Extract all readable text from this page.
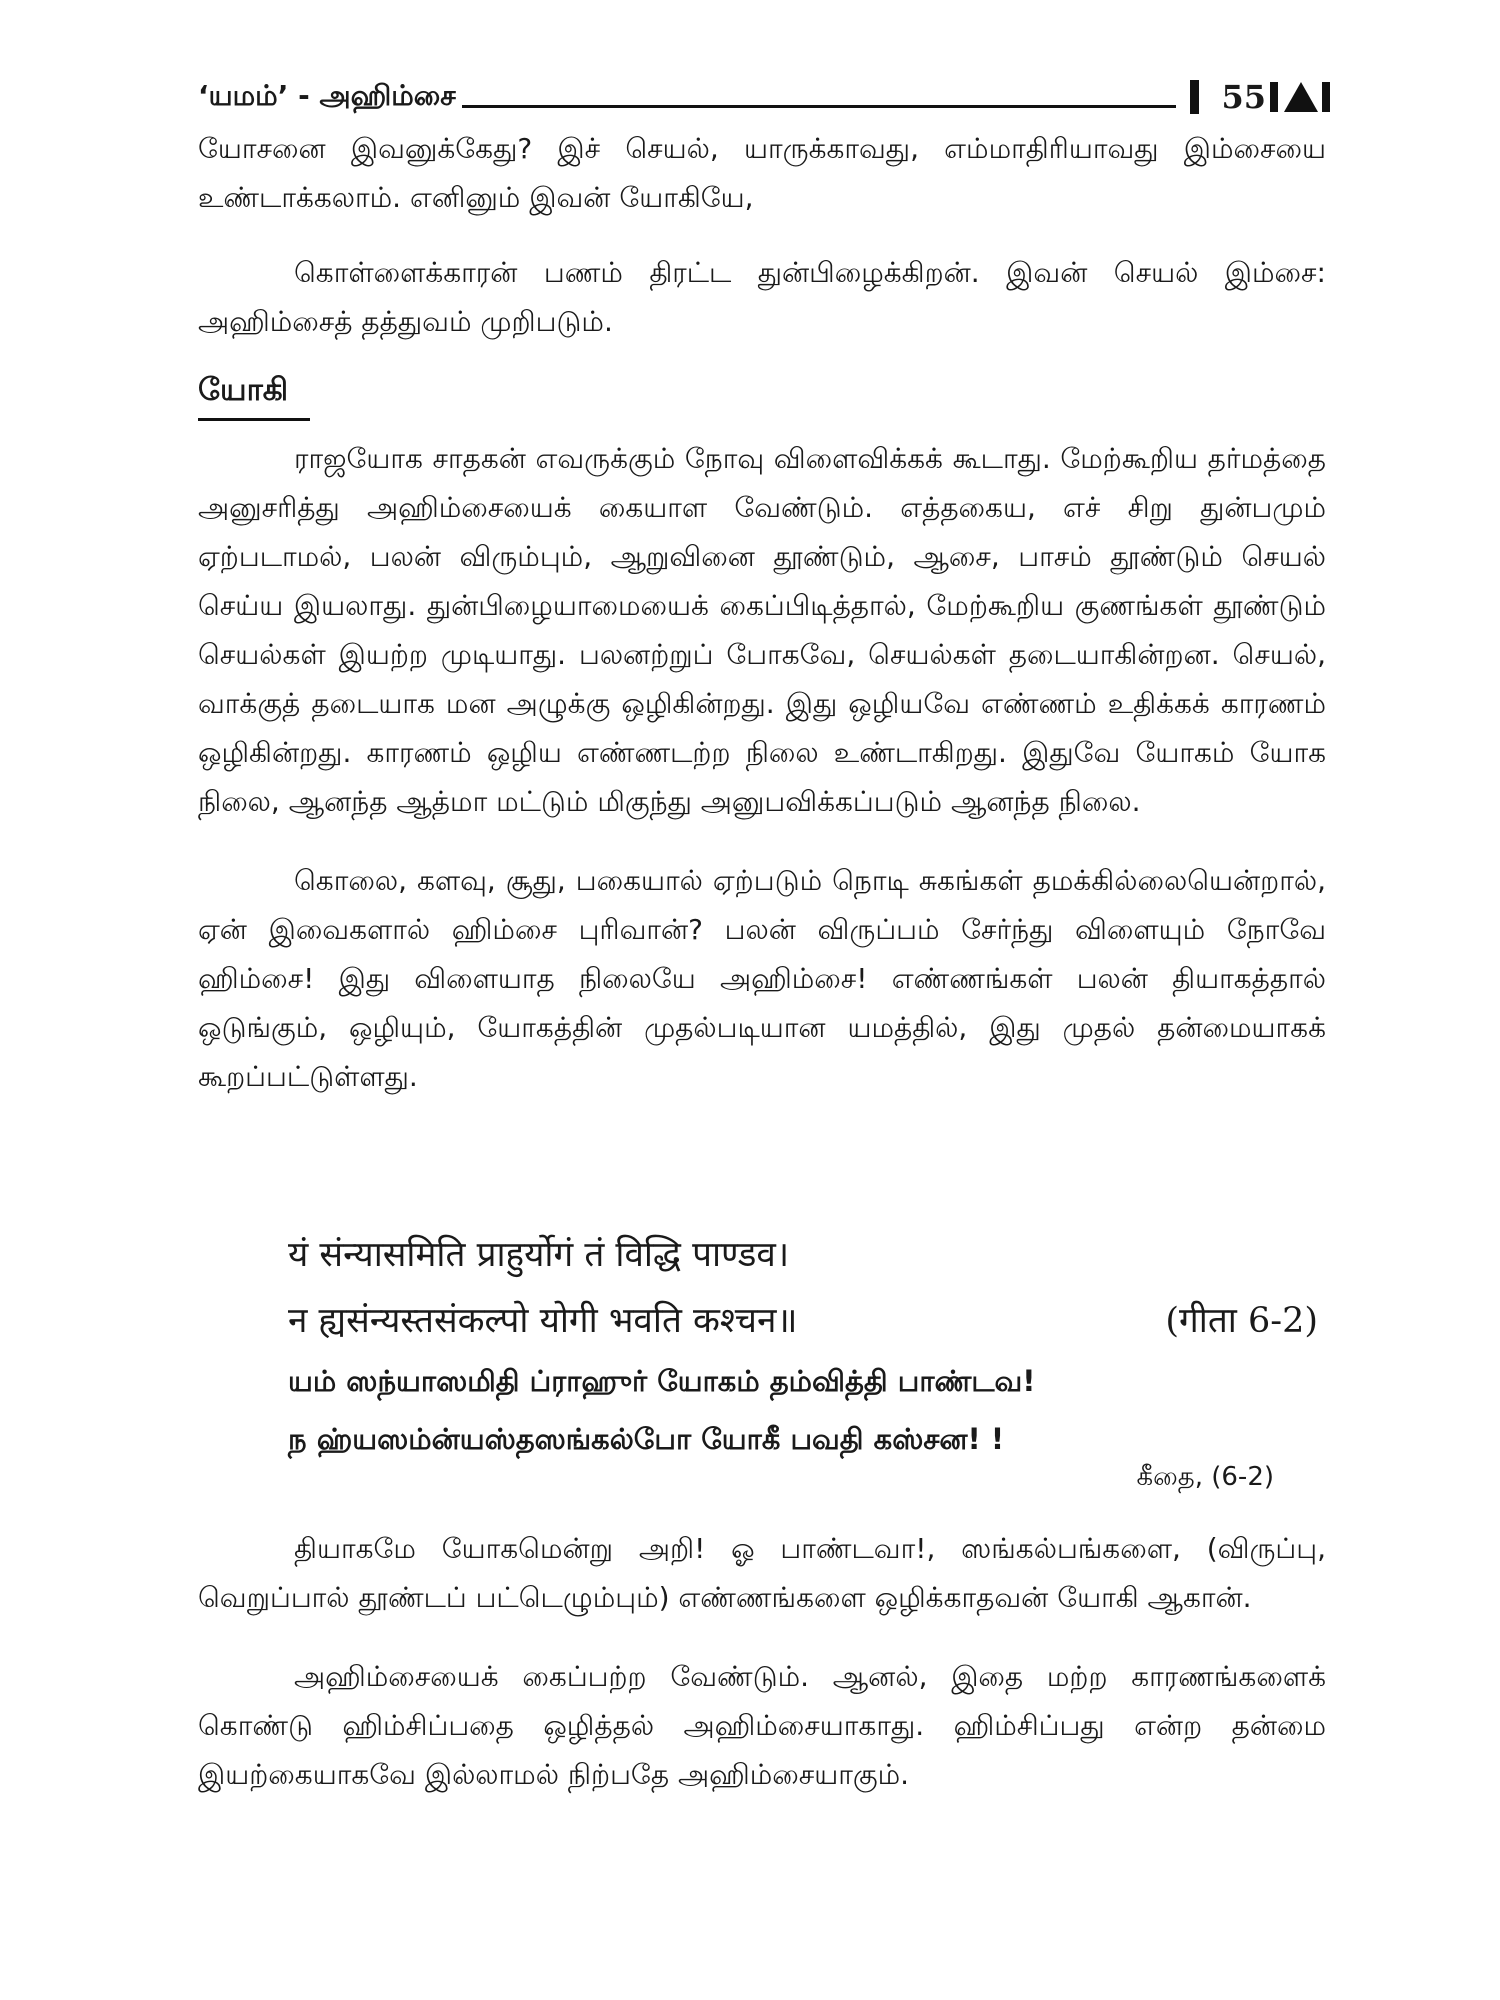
‘யமம்’ - அஹிம்சை	55

யோசனை இவனுக்கேது? இச் செயல், யாருக்காவது, எம்மாதிரியாவது இம்சையை உண்டாக்கலாம். எனினும் இவன் யோகியே,

கொள்ளைக்காரன் பணம் திரட்ட துன்பிழைக்கிறன். இவன் செயல் இம்சை: அஹிம்சைத் தத்துவம் முறிபடும்.

யோகி

ராஜயோக சாதகன் எவருக்கும் நோவு விளைவிக்கக் கூடாது. மேற்கூறிய தர்மத்தை அனுசரித்து அஹிம்சையைக் கையாள வேண்டும். எத்தகைய, எச் சிறு துன்பமும் ஏற்படாமல், பலன் விரும்பும், ஆறுவினை தூண்டும், ஆசை, பாசம் தூண்டும் செயல் செய்ய இயலாது. துன்பிழையாமையைக் கைப்பிடித்தால், மேற்கூறிய குணங்கள் தூண்டும் செயல்கள் இயற்ற முடியாது. பலனற்றுப் போகவே, செயல்கள் தடையாகின்றன. செயல், வாக்குத் தடையாக மன அழுக்கு ஒழிகின்றது. இது ஒழியவே எண்ணம் உதிக்கக் காரணம் ஒழிகின்றது. காரணம் ஒழிய எண்ணடற்ற நிலை உண்டாகிறது. இதுவே யோகம் யோக நிலை, ஆனந்த ஆத்மா மட்டும் மிகுந்து அனுபவிக்கப்படும் ஆனந்த நிலை.

கொலை, களவு, சூது, பகையால் ஏற்படும் நொடி சுகங்கள் தமக்கில்லையென்றால், ஏன் இவைகளால் ஹிம்சை புரிவான்? பலன் விருப்பம் சேர்ந்து விளையும் நோவே ஹிம்சை! இது விளையாத நிலையே அஹிம்சை! எண்ணங்கள் பலன் தியாகத்தால் ஒடுங்கும், ஒழியும், யோகத்தின் முதல்படியான யமத்தில், இது முதல் தன்மையாகக் கூறப்பட்டுள்ளது.

यं संन्यासमिति प्राहुर्योगं तं विद्धि पाण्डव।
न ह्यसंन्यस्तसंकल्पो योगी भवति कश्चन॥	(गीता 6-2)
யம் ஸந்யாஸமிதி ப்ராஹுர் யோகம் தம்வித்தி பாண்டவ!
ந ஹ்யஸம்ன்யஸ்தஸங்கல்போ யோகீ பவதி கஸ்சன! !
கீதை, (6-2)

தியாகமே யோகமென்று அறி! ஓ பாண்டவா!, ஸங்கல்பங்களை, (விருப்பு, வெறுப்பால் தூண்டப் பட்டெழும்பும்) எண்ணங்களை ஒழிக்காதவன் யோகி ஆகான்.

அஹிம்சையைக் கைப்பற்ற வேண்டும். ஆனல், இதை மற்ற காரணங்களைக் கொண்டு ஹிம்சிப்பதை ஒழித்தல் அஹிம்சையாகாது. ஹிம்சிப்பது என்ற தன்மை இயற்கையாகவே இல்லாமல் நிற்பதே அஹிம்சையாகும்.
